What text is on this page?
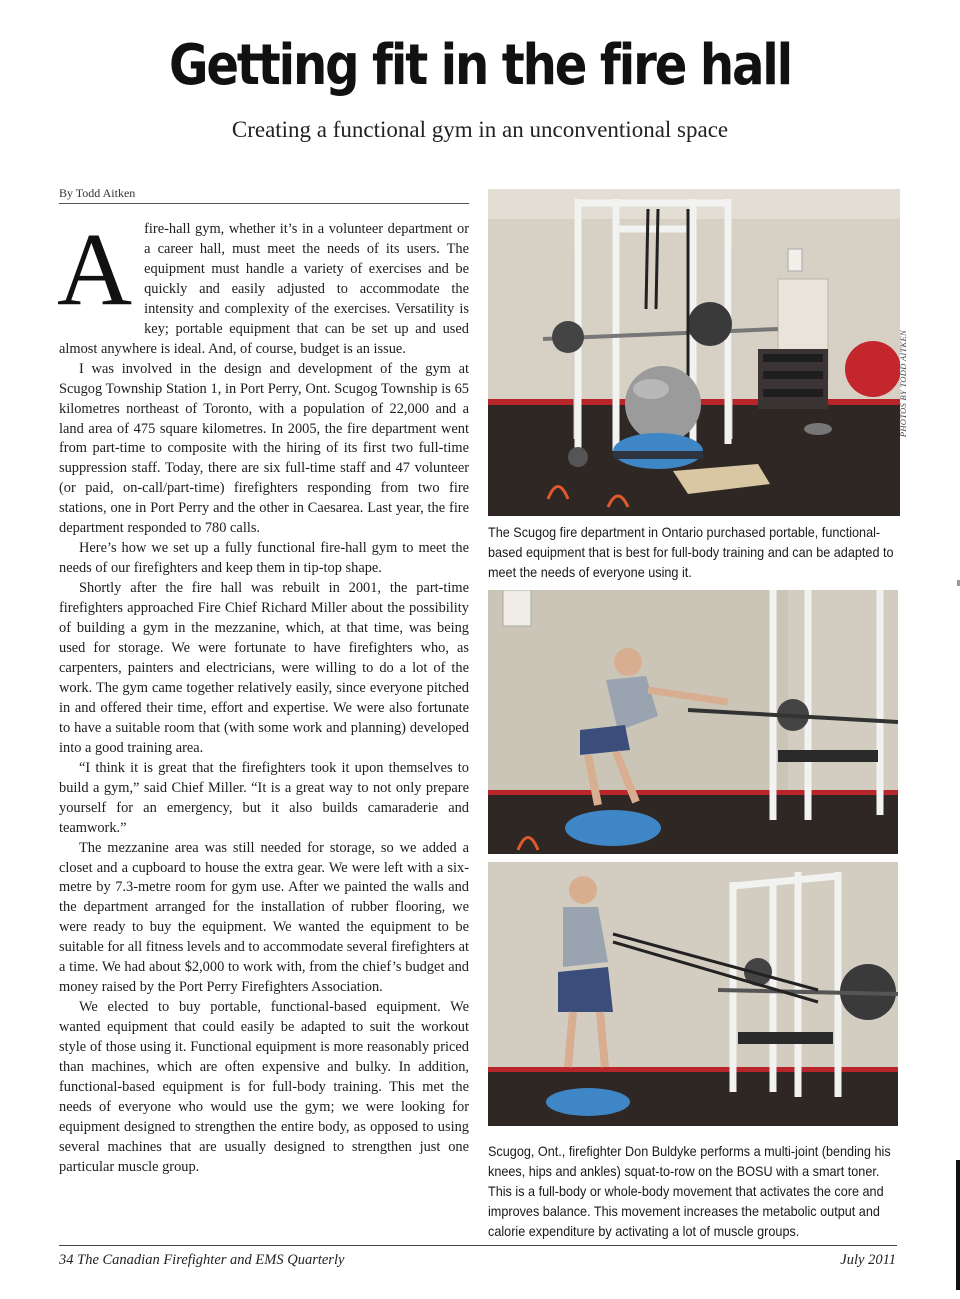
Getting fit in the fire hall
Creating a functional gym in an unconventional space
By Todd Aitken

Afire-hall gym, whether it’s in a volunteer department or a career hall, must meet the needs of its users. The equipment must handle a variety of exercises and be quickly and easily adjusted to accommodate the intensity and complexity of the exercises. Versatility is key; portable equipment that can be set up and used almost anywhere is ideal. And, of course, budget is an issue.

I was involved in the design and development of the gym at Scugog Township Station 1, in Port Perry, Ont. Scugog Township is 65 kilometres northeast of Toronto, with a population of 22,000 and a land area of 475 square kilometres. In 2005, the fire department went from part-time to composite with the hiring of its first two full-time suppression staff. Today, there are six full-time staff and 47 volunteer (or paid, on-call/part-time) firefighters responding from two fire stations, one in Port Perry and the other in Caesarea. Last year, the fire department responded to 780 calls.

Here’s how we set up a fully functional fire-hall gym to meet the needs of our firefighters and keep them in tip-top shape.

Shortly after the fire hall was rebuilt in 2001, the part-time firefighters approached Fire Chief Richard Miller about the possibility of building a gym in the mezzanine, which, at that time, was being used for storage. We were fortunate to have firefighters who, as carpenters, painters and electricians, were willing to do a lot of the work. The gym came together relatively easily, since everyone pitched in and offered their time, effort and expertise. We were also fortunate to have a suitable room that (with some work and planning) developed into a good training area.

“I think it is great that the firefighters took it upon themselves to build a gym,” said Chief Miller. “It is a great way to not only prepare yourself for an emergency, but it also builds camaraderie and teamwork.”

The mezzanine area was still needed for storage, so we added a closet and a cupboard to house the extra gear. We were left with a six-metre by 7.3-metre room for gym use. After we painted the walls and the department arranged for the installation of rubber flooring, we were ready to buy the equipment. We wanted the equipment to be suitable for all fitness levels and to accommodate several firefighters at a time. We had about $2,000 to work with, from the chief’s budget and money raised by the Port Perry Firefighters Association.

We elected to buy portable, functional-based equipment. We wanted equipment that could easily be adapted to suit the workout style of those using it. Functional equipment is more reasonably priced than machines, which are often expensive and bulky. In addition, functional-based equipment is for full-body training. This met the needs of everyone who would use the gym; we were looking for equipment designed to strengthen the entire body, as opposed to using several machines that are usually designed to strengthen just one particular muscle group.

PHOTOS BY TODD AITKEN
The Scugog fire department in Ontario purchased portable, functional-based equipment that is best for full-body training and can be adapted to meet the needs of everyone using it.
Scugog, Ont., firefighter Don Buldyke performs a multi-joint (bending his knees, hips and ankles) squat-to-row on the BOSU with a smart toner. This is a full-body or whole-body movement that activates the core and improves balance. This movement increases the metabolic output and calorie expenditure by activating a lot of muscle groups.
34 The Canadian Firefighter and EMS Quarterly	July 2011
